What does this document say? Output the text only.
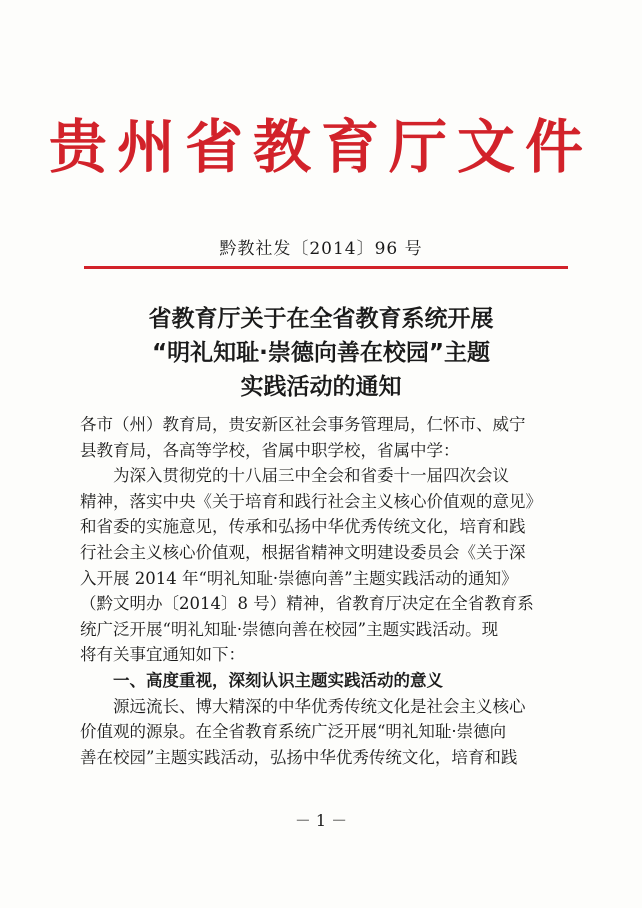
贵州省教育厅文件
黔教社发〔2014〕96 号
省教育厅关于在全省教育系统开展
“明礼知耻·崇德向善在校园”主题
实践活动的通知

各市（州）教育局，贵安新区社会事务管理局，仁怀市、威宁

县教育局，各高等学校，省属中职学校，省属中学：

为深入贯彻党的十八届三中全会和省委十一届四次会议

精神，落实中央《关于培育和践行社会主义核心价值观的意见》

和省委的实施意见，传承和弘扬中华优秀传统文化，培育和践

行社会主义核心价值观，根据省精神文明建设委员会《关于深

入开展 2014 年“明礼知耻·崇德向善”主题实践活动的通知》

（黔文明办〔2014〕8 号）精神，省教育厅决定在全省教育系

统广泛开展“明礼知耻·崇德向善在校园”主题实践活动。现

将有关事宜通知如下：

一、高度重视，深刻认识主题实践活动的意义

源远流长、博大精深的中华优秀传统文化是社会主义核心

价值观的源泉。在全省教育系统广泛开展“明礼知耻·崇德向

善在校园”主题实践活动，弘扬中华优秀传统文化，培育和践

－ 1 －
